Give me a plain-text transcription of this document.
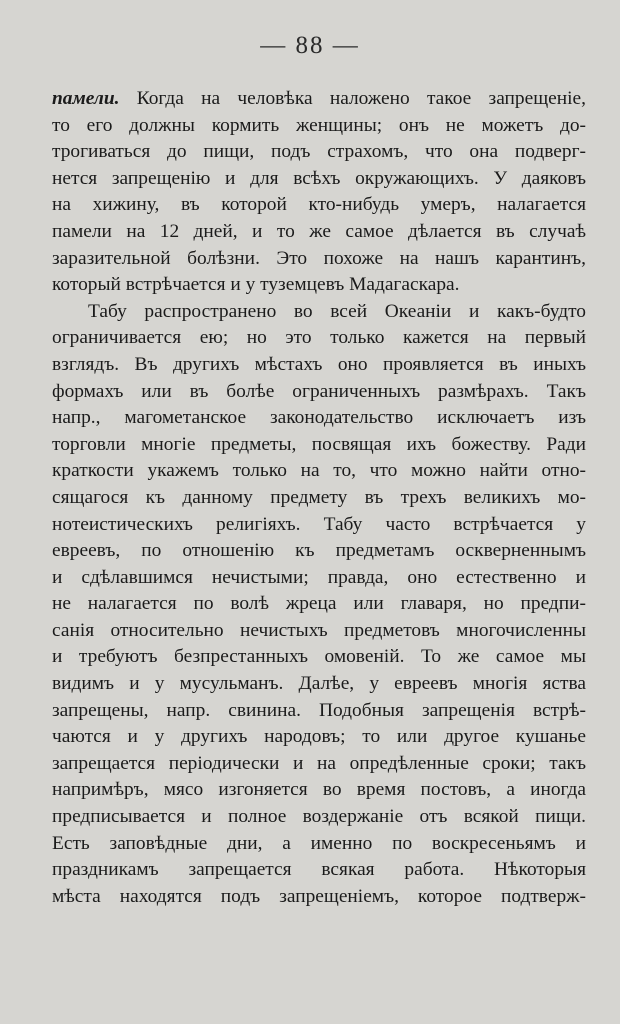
— 88 —
памели. Когда на человѣка наложено такое запрещеніе,
то его должны кормить женщины; онъ не можетъ до-
трогиваться до пищи, подъ страхомъ, что она подверг-
нется запрещенію и для всѣхъ окружающихъ. У даяковъ
на хижину, въ которой кто-нибудь умеръ, налагается
памели на 12 дней, и то же самое дѣлается въ случаѣ
заразительной болѣзни. Это похоже на нашъ карантинъ,
который встрѣчается и у туземцевъ Мадагаскара.
Табу распространено во всей Океаніи и какъ-будто
ограничивается ею; но это только кажется на первый
взглядъ. Въ другихъ мѣстахъ оно проявляется въ иныхъ
формахъ или въ болѣе ограниченныхъ размѣрахъ. Такъ
напр., магометанское законодательство исключаетъ изъ
торговли многіе предметы, посвящая ихъ божеству. Ради
краткости укажемъ только на то, что можно найти отно-
сящагося къ данному предмету въ трехъ великихъ мо-
нотеистическихъ религіяхъ. Табу часто встрѣчается у
евреевъ, по отношенію къ предметамъ оскверненнымъ
и сдѣлавшимся нечистыми; правда, оно естественно и
не налагается по волѣ жреца или главаря, но предпи-
санія относительно нечистыхъ предметовъ многочисленны
и требуютъ безпрестанныхъ омовеній. То же самое мы
видимъ и у мусульманъ. Далѣе, у евреевъ многія яства
запрещены, напр. свинина. Подобныя запрещенія встрѣ-
чаются и у другихъ народовъ; то или другое кушанье
запрещается періодически и на опредѣленные сроки; такъ
напримѣръ, мясо изгоняется во время постовъ, а иногда
предписывается и полное воздержаніе отъ всякой пищи.
Есть заповѣдные дни, а именно по воскресеньямъ и
праздникамъ запрещается всякая работа. Нѣкоторыя
мѣста находятся подъ запрещеніемъ, которое подтверж-
